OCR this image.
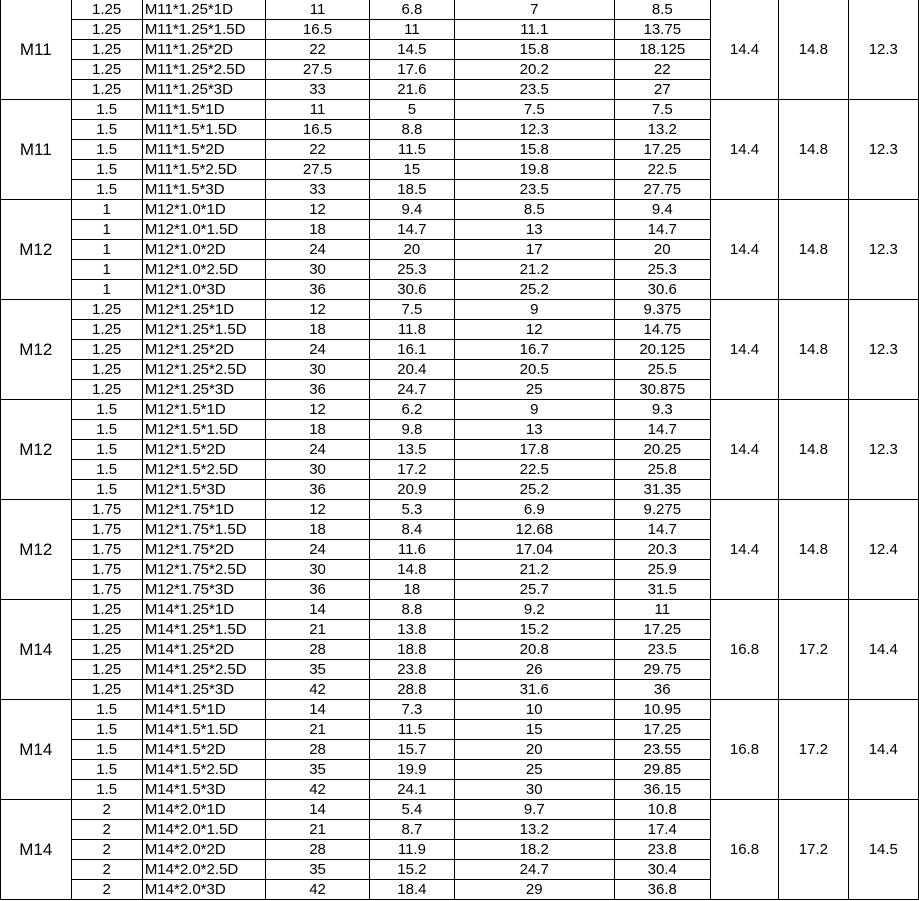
M11	1.25	M11*1.25*1D	11	6.8	7	8.5	14.4	14.8	12.3
	1.25	M11*1.25*1.5D	16.5	11	11.1	13.75			
	1.25	M11*1.25*2D	22	14.5	15.8	18.125			
	1.25	M11*1.25*2.5D	27.5	17.6	20.2	22			
	1.25	M11*1.25*3D	33	21.6	23.5	27			
M11	1.5	M11*1.5*1D	11	5	7.5	7.5	14.4	14.8	12.3
	1.5	M11*1.5*1.5D	16.5	8.8	12.3	13.2			
	1.5	M11*1.5*2D	22	11.5	15.8	17.25			
	1.5	M11*1.5*2.5D	27.5	15	19.8	22.5			
	1.5	M11*1.5*3D	33	18.5	23.5	27.75			
M12	1	M12*1.0*1D	12	9.4	8.5	9.4	14.4	14.8	12.3
	1	M12*1.0*1.5D	18	14.7	13	14.7			
	1	M12*1.0*2D	24	20	17	20			
	1	M12*1.0*2.5D	30	25.3	21.2	25.3			
	1	M12*1.0*3D	36	30.6	25.2	30.6			
M12	1.25	M12*1.25*1D	12	7.5	9	9.375	14.4	14.8	12.3
	1.25	M12*1.25*1.5D	18	11.8	12	14.75			
	1.25	M12*1.25*2D	24	16.1	16.7	20.125			
	1.25	M12*1.25*2.5D	30	20.4	20.5	25.5			
	1.25	M12*1.25*3D	36	24.7	25	30.875			
M12	1.5	M12*1.5*1D	12	6.2	9	9.3	14.4	14.8	12.3
	1.5	M12*1.5*1.5D	18	9.8	13	14.7			
	1.5	M12*1.5*2D	24	13.5	17.8	20.25			
	1.5	M12*1.5*2.5D	30	17.2	22.5	25.8			
	1.5	M12*1.5*3D	36	20.9	25.2	31.35			
M12	1.75	M12*1.75*1D	12	5.3	6.9	9.275	14.4	14.8	12.4
	1.75	M12*1.75*1.5D	18	8.4	12.68	14.7			
	1.75	M12*1.75*2D	24	11.6	17.04	20.3			
	1.75	M12*1.75*2.5D	30	14.8	21.2	25.9			
	1.75	M12*1.75*3D	36	18	25.7	31.5			
M14	1.25	M14*1.25*1D	14	8.8	9.2	11	16.8	17.2	14.4
	1.25	M14*1.25*1.5D	21	13.8	15.2	17.25			
	1.25	M14*1.25*2D	28	18.8	20.8	23.5			
	1.25	M14*1.25*2.5D	35	23.8	26	29.75			
	1.25	M14*1.25*3D	42	28.8	31.6	36			
M14	1.5	M14*1.5*1D	14	7.3	10	10.95	16.8	17.2	14.4
	1.5	M14*1.5*1.5D	21	11.5	15	17.25			
	1.5	M14*1.5*2D	28	15.7	20	23.55			
	1.5	M14*1.5*2.5D	35	19.9	25	29.85			
	1.5	M14*1.5*3D	42	24.1	30	36.15			
M14	2	M14*2.0*1D	14	5.4	9.7	10.8	16.8	17.2	14.5
	2	M14*2.0*1.5D	21	8.7	13.2	17.4			
	2	M14*2.0*2D	28	11.9	18.2	23.8			
	2	M14*2.0*2.5D	35	15.2	24.7	30.4			
	2	M14*2.0*3D	42	18.4	29	36.8			
